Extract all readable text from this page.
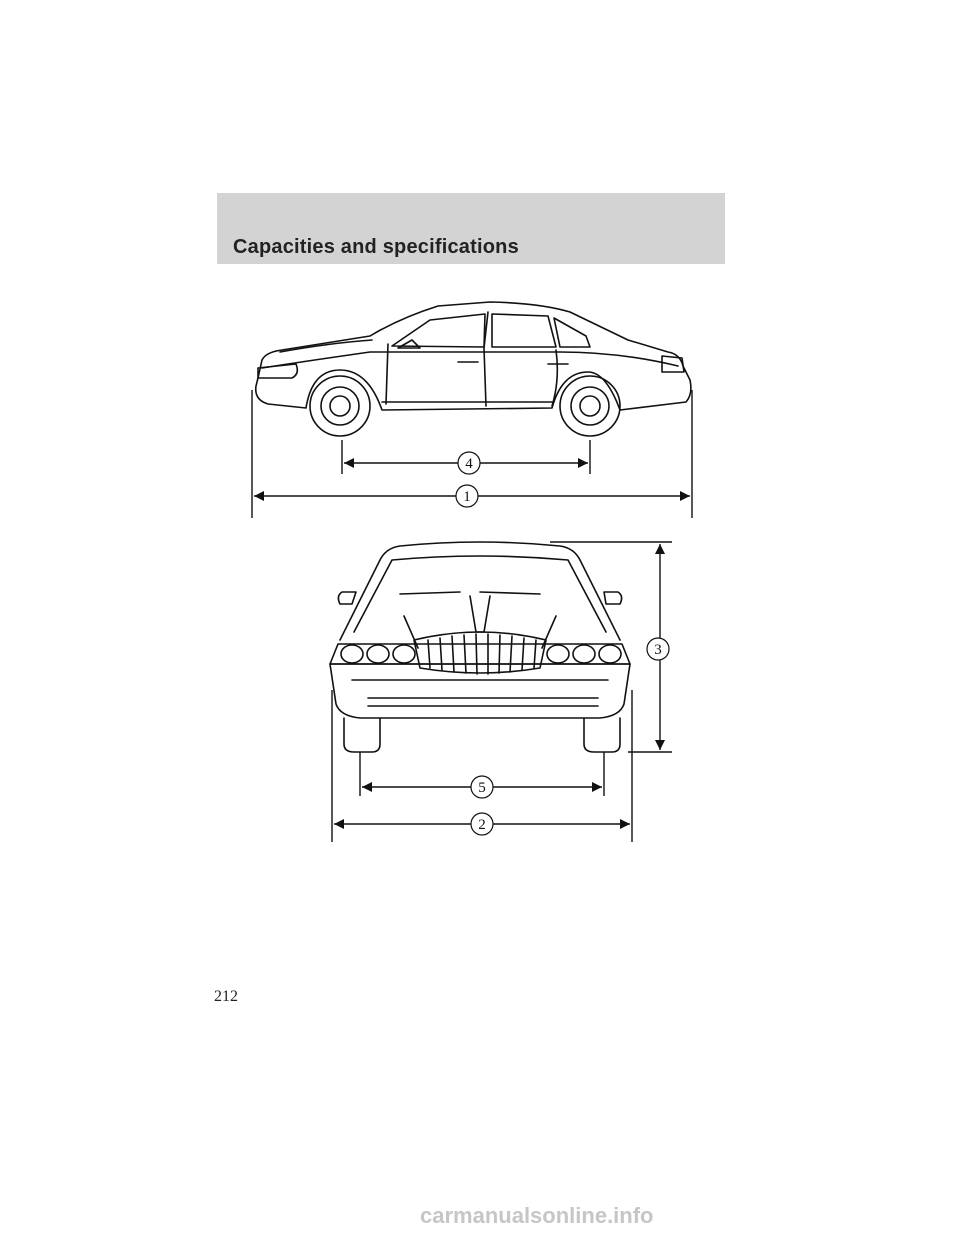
Capacities and specifications
4
1
3
5
2

212

carmanualsonline.info
